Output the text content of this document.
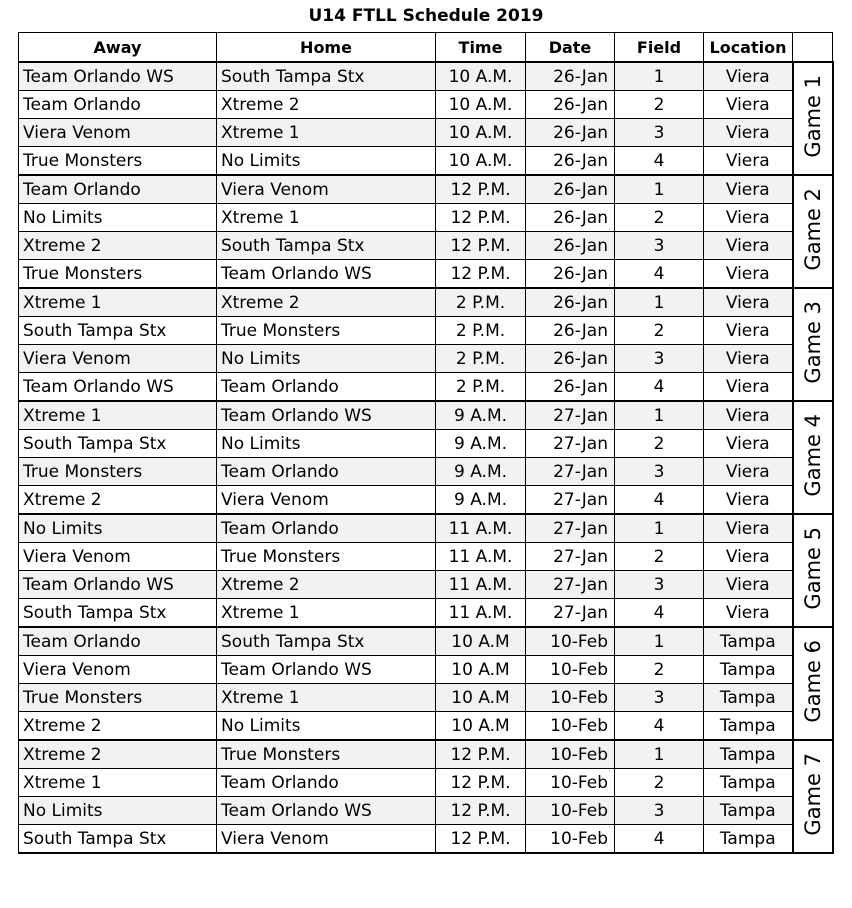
U14 FTLL Schedule 2019
Away	Home	Time	Date	Field	Location	
Team Orlando WS	South Tampa Stx	10 A.M.	26-Jan	1	Viera	Game 1
Team Orlando	Xtreme 2	10 A.M.	26-Jan	2	Viera	
Viera Venom	Xtreme 1	10 A.M.	26-Jan	3	Viera	
True Monsters	No Limits	10 A.M.	26-Jan	4	Viera	
Team Orlando	Viera Venom	12 P.M.	26-Jan	1	Viera	Game 2
No Limits	Xtreme 1	12 P.M.	26-Jan	2	Viera	
Xtreme 2	South Tampa Stx	12 P.M.	26-Jan	3	Viera	
True Monsters	Team Orlando WS	12 P.M.	26-Jan	4	Viera	
Xtreme 1	Xtreme 2	2 P.M.	26-Jan	1	Viera	Game 3
South Tampa Stx	True Monsters	2 P.M.	26-Jan	2	Viera	
Viera Venom	No Limits	2 P.M.	26-Jan	3	Viera	
Team Orlando WS	Team Orlando	2 P.M.	26-Jan	4	Viera	
Xtreme 1	Team Orlando WS	9 A.M.	27-Jan	1	Viera	Game 4
South Tampa Stx	No Limits	9 A.M.	27-Jan	2	Viera	
True Monsters	Team Orlando	9 A.M.	27-Jan	3	Viera	
Xtreme 2	Viera Venom	9 A.M.	27-Jan	4	Viera	
No Limits	Team Orlando	11 A.M.	27-Jan	1	Viera	Game 5
Viera Venom	True Monsters	11 A.M.	27-Jan	2	Viera	
Team Orlando WS	Xtreme 2	11 A.M.	27-Jan	3	Viera	
South Tampa Stx	Xtreme 1	11 A.M.	27-Jan	4	Viera	
Team Orlando	South Tampa Stx	10 A.M	10-Feb	1	Tampa	Game 6
Viera Venom	Team Orlando WS	10 A.M	10-Feb	2	Tampa	
True Monsters	Xtreme 1	10 A.M	10-Feb	3	Tampa	
Xtreme 2	No Limits	10 A.M	10-Feb	4	Tampa	
Xtreme 2	True Monsters	12 P.M.	10-Feb	1	Tampa	Game 7
Xtreme 1	Team Orlando	12 P.M.	10-Feb	2	Tampa	
No Limits	Team Orlando WS	12 P.M.	10-Feb	3	Tampa	
South Tampa Stx	Viera Venom	12 P.M.	10-Feb	4	Tampa	
